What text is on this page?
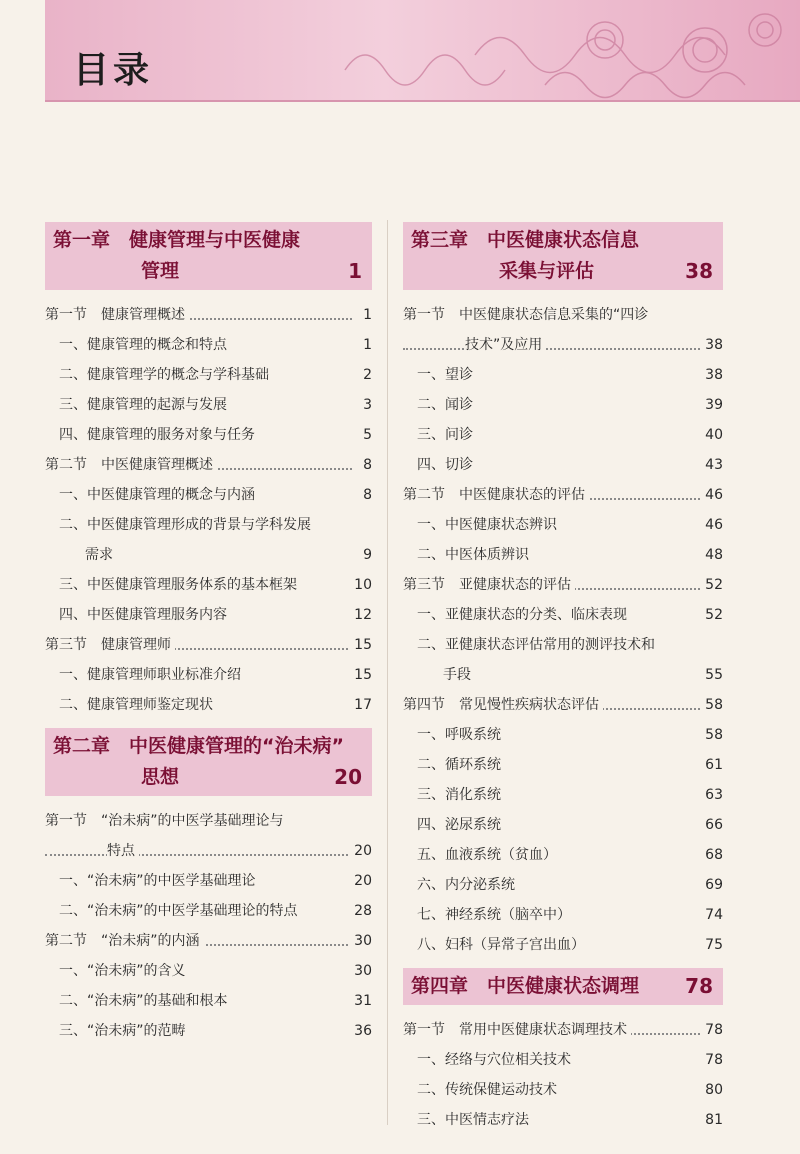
目录
第一章　 健康管理与中医健康
管理	1
第一节　健康管理概述	1
一、健康管理的概念和特点	1
二、健康管理学的概念与学科基础	2
三、健康管理的起源与发展	3
四、健康管理的服务对象与任务	5
第二节　中医健康管理概述	8
一、中医健康管理的概念与内涵	8
二、中医健康管理形成的背景与学科发展
需求	9
三、中医健康管理服务体系的基本框架	10
四、中医健康管理服务内容	12
第三节　健康管理师	15
一、健康管理师职业标准介绍	15
二、健康管理师鉴定现状	17
第二章　 中医健康管理的“治未病”
思想	20
第一节　“治未病”的中医学基础理论与
特点	20
一、“治未病”的中医学基础理论	20
二、“治未病”的中医学基础理论的特点	28
第二节　“治未病”的内涵	30
一、“治未病”的含义	30
二、“治未病”的基础和根本	31
三、“治未病”的范畴	36
第三章　 中医健康状态信息
采集与评估	38
第一节　中医健康状态信息采集的“四诊
技术”及应用	38
一、望诊	38
二、闻诊	39
三、问诊	40
四、切诊	43
第二节　中医健康状态的评估	46
一、中医健康状态辨识	46
二、中医体质辨识	48
第三节　亚健康状态的评估	52
一、亚健康状态的分类、临床表现	52
二、亚健康状态评估常用的测评技术和
手段	55
第四节　常见慢性疾病状态评估	58
一、呼吸系统	58
二、循环系统	61
三、消化系统	63
四、泌尿系统	66
五、血液系统（贫血）	68
六、内分泌系统	69
七、神经系统（脑卒中）	74
八、妇科（异常子宫出血）	75
第四章　 中医健康状态调理 78
第一节　常用中医健康状态调理技术	78
一、经络与穴位相关技术	78
二、传统保健运动技术	80
三、中医情志疗法	81
